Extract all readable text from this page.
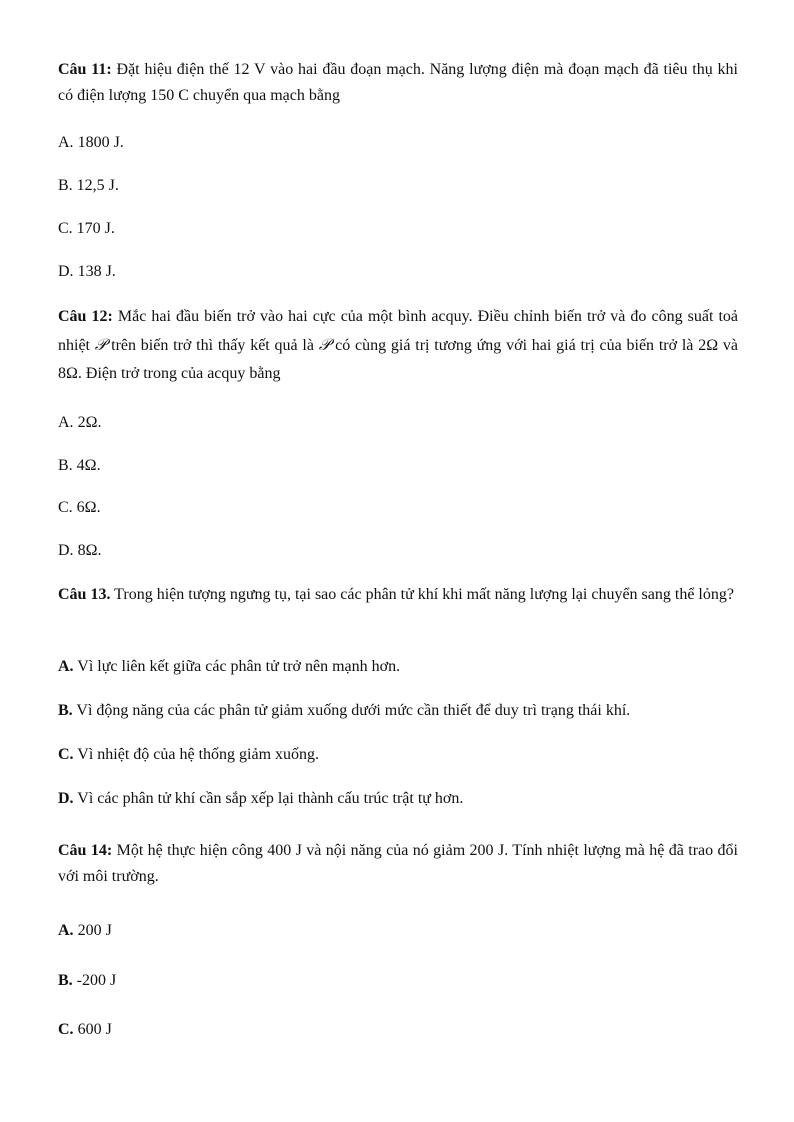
Câu 11: Đặt hiệu điện thế 12 V vào hai đầu đoạn mạch. Năng lượng điện mà đoạn mạch đã tiêu thụ khi có điện lượng 150 C chuyển qua mạch bằng

A. 1800 J.

B. 12,5 J.

C. 170 J.

D. 138 J.

Câu 12: Mắc hai đầu biến trở vào hai cực của một bình acquy. Điều chỉnh biến trở và đo công suất toả nhiệt 𝒫 trên biến trở thì thấy kết quả là 𝒫 có cùng giá trị tương ứng với hai giá trị của biến trở là 2Ω và 8Ω. Điện trở trong của acquy bằng

A. 2Ω.

B. 4Ω.

C. 6Ω.

D. 8Ω.

Câu 13. Trong hiện tượng ngưng tụ, tại sao các phân tử khí khi mất năng lượng lại chuyển sang thể lỏng?

A. Vì lực liên kết giữa các phân tử trở nên mạnh hơn.

B. Vì động năng của các phân tử giảm xuống dưới mức cần thiết để duy trì trạng thái khí.

C. Vì nhiệt độ của hệ thống giảm xuống.

D. Vì các phân tử khí cần sắp xếp lại thành cấu trúc trật tự hơn.

Câu 14: Một hệ thực hiện công 400 J và nội năng của nó giảm 200 J. Tính nhiệt lượng mà hệ đã trao đổi với môi trường.

A. 200 J

B. -200 J

C. 600 J
